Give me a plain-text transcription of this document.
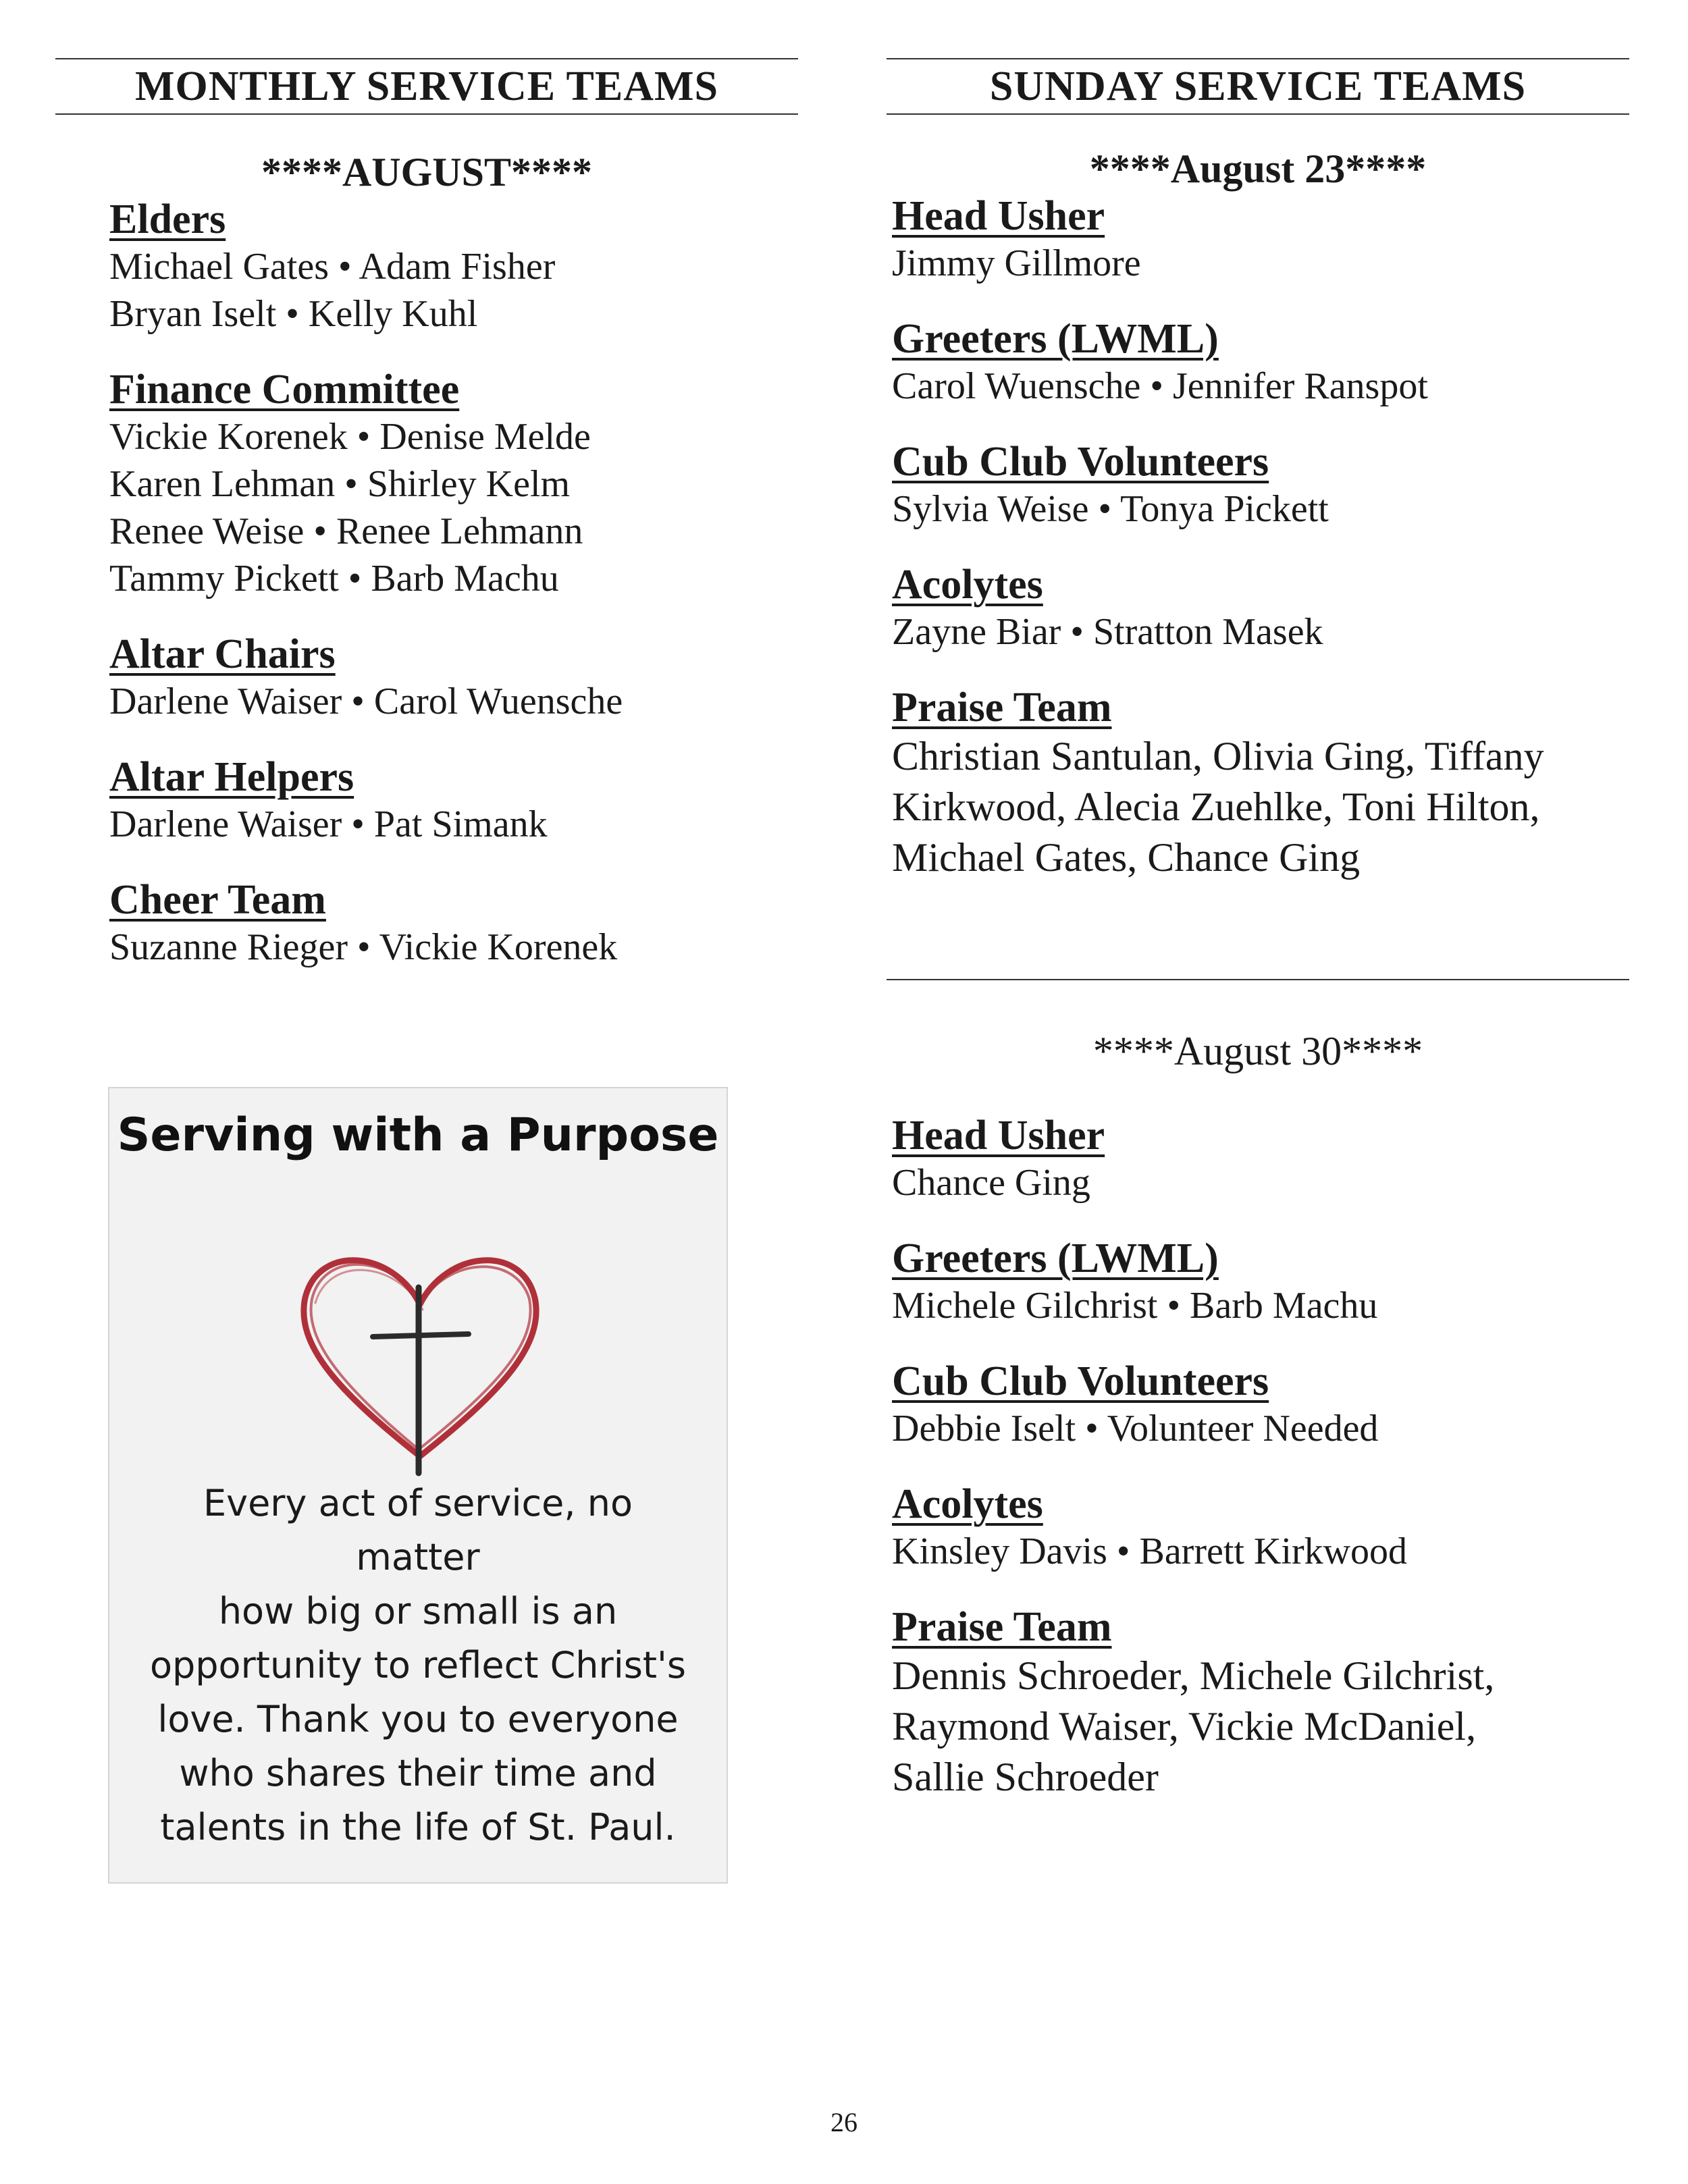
MONTHLY SERVICE TEAMS
****AUGUST****
Elders
Michael Gates • Adam Fisher
Bryan Iselt • Kelly Kuhl
Finance Committee
Vickie Korenek • Denise Melde
Karen Lehman • Shirley Kelm
Renee Weise • Renee Lehmann
Tammy Pickett • Barb Machu
Altar Chairs
Darlene Waiser • Carol Wuensche
Altar Helpers
Darlene Waiser • Pat Simank
Cheer Team
Suzanne Rieger • Vickie Korenek
Serving with a Purpose
Every act of service, no matter
how big or small is an
opportunity to reflect Christ's
love. Thank you to everyone
who shares their time and
talents in the life of St. Paul.
SUNDAY SERVICE TEAMS
****August 23****
Head Usher
Jimmy Gillmore
Greeters (LWML)
Carol Wuensche • Jennifer Ranspot
Cub Club Volunteers
Sylvia Weise • Tonya Pickett
Acolytes
Zayne Biar • Stratton Masek
Praise Team
Christian Santulan, Olivia Ging, Tiffany
Kirkwood, Alecia Zuehlke, Toni Hilton,
Michael Gates, Chance Ging
****August 30****
Head Usher
Chance Ging
Greeters (LWML)
Michele Gilchrist • Barb Machu
Cub Club Volunteers
Debbie Iselt • Volunteer Needed
Acolytes
Kinsley Davis • Barrett Kirkwood
Praise Team
Dennis Schroeder, Michele Gilchrist,
Raymond Waiser, Vickie McDaniel,
Sallie Schroeder
26
